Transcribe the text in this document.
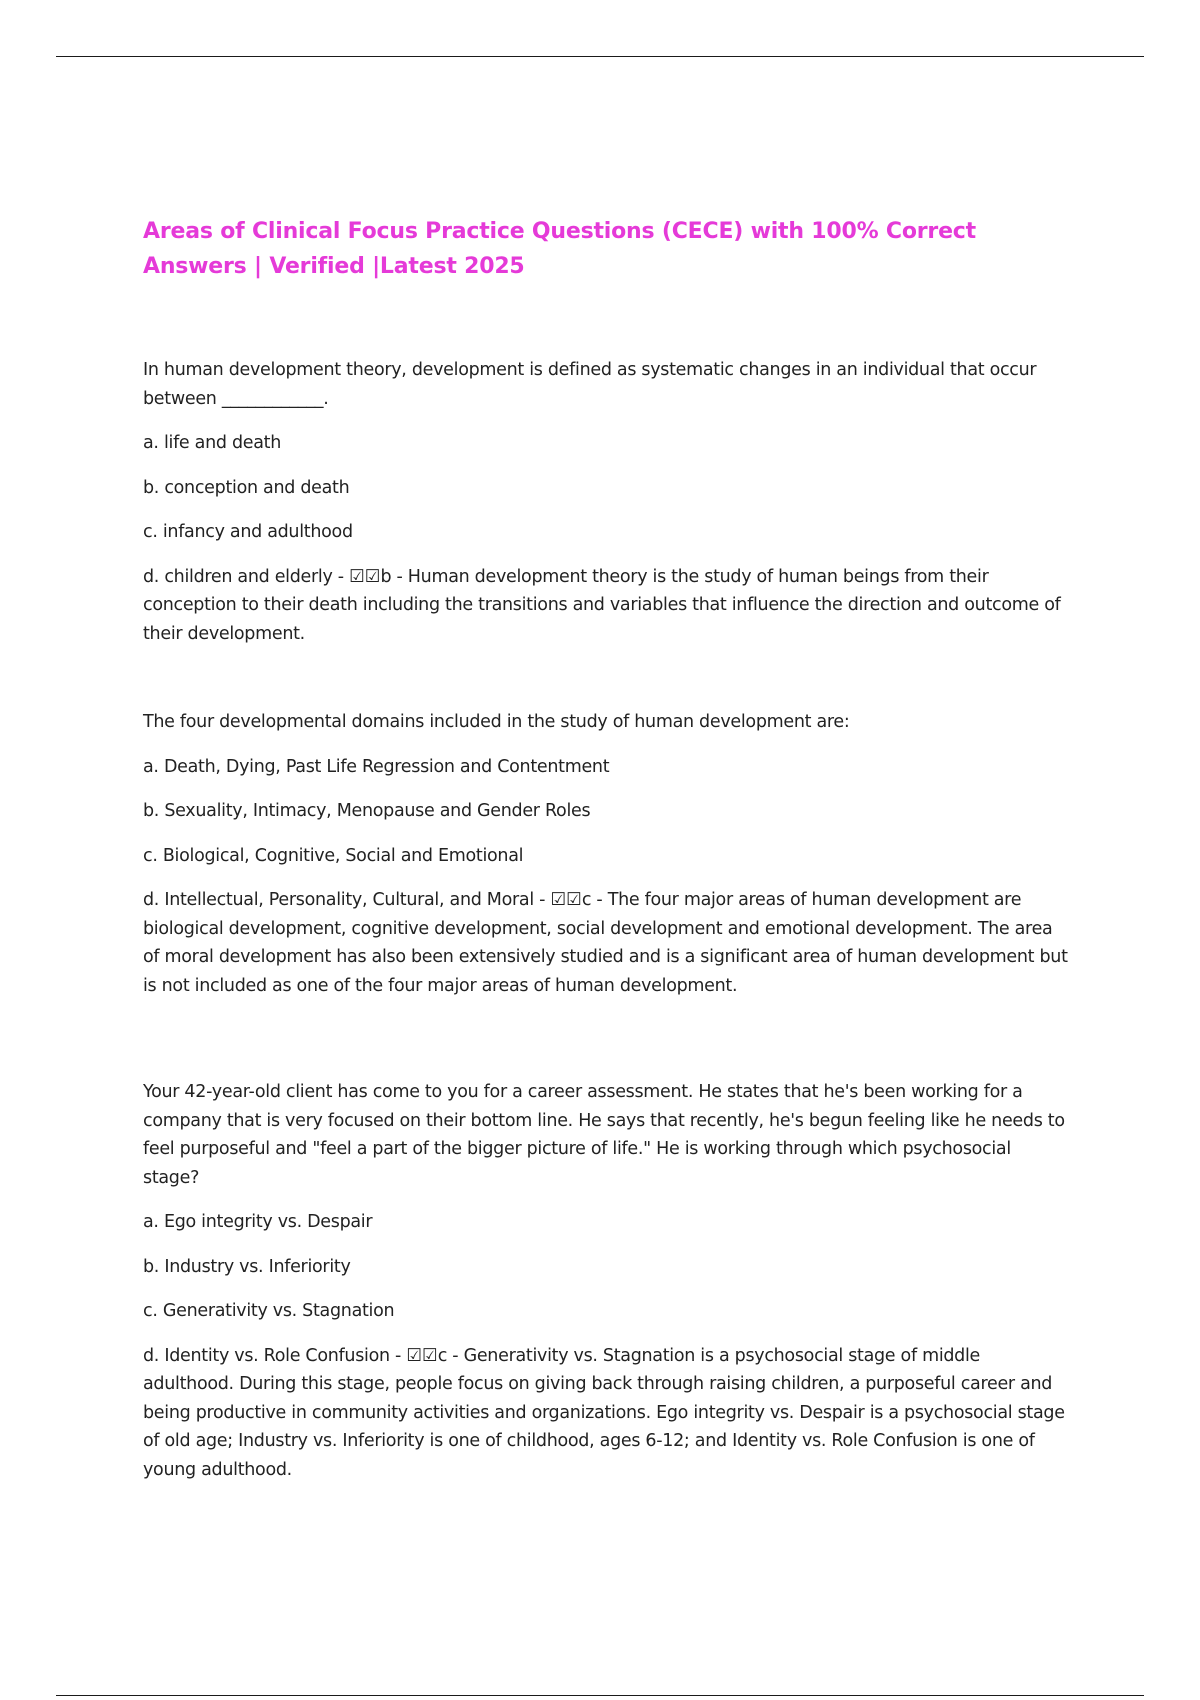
Areas of Clinical Focus Practice Questions (CECE) with 100% Correct Answers | Verified |Latest 2025

In human development theory, development is defined as systematic changes in an individual that occur between ____________.

a. life and death

b. conception and death

c. infancy and adulthood

d. children and elderly - ☑☑b - Human development theory is the study of human beings from their conception to their death including the transitions and variables that influence the direction and outcome of their development.

The four developmental domains included in the study of human development are:

a. Death, Dying, Past Life Regression and Contentment

b. Sexuality, Intimacy, Menopause and Gender Roles

c. Biological, Cognitive, Social and Emotional

d. Intellectual, Personality, Cultural, and Moral - ☑☑c - The four major areas of human development are biological development, cognitive development, social development and emotional development. The area of moral development has also been extensively studied and is a significant area of human development but is not included as one of the four major areas of human development.

Your 42-year-old client has come to you for a career assessment. He states that he's been working for a company that is very focused on their bottom line. He says that recently, he's begun feeling like he needs to feel purposeful and "feel a part of the bigger picture of life." He is working through which psychosocial stage?

a. Ego integrity vs. Despair

b. Industry vs. Inferiority

c. Generativity vs. Stagnation

d. Identity vs. Role Confusion - ☑☑c - Generativity vs. Stagnation is a psychosocial stage of middle adulthood. During this stage, people focus on giving back through raising children, a purposeful career and being productive in community activities and organizations. Ego integrity vs. Despair is a psychosocial stage of old age; Industry vs. Inferiority is one of childhood, ages 6-12; and Identity vs. Role Confusion is one of young adulthood.
